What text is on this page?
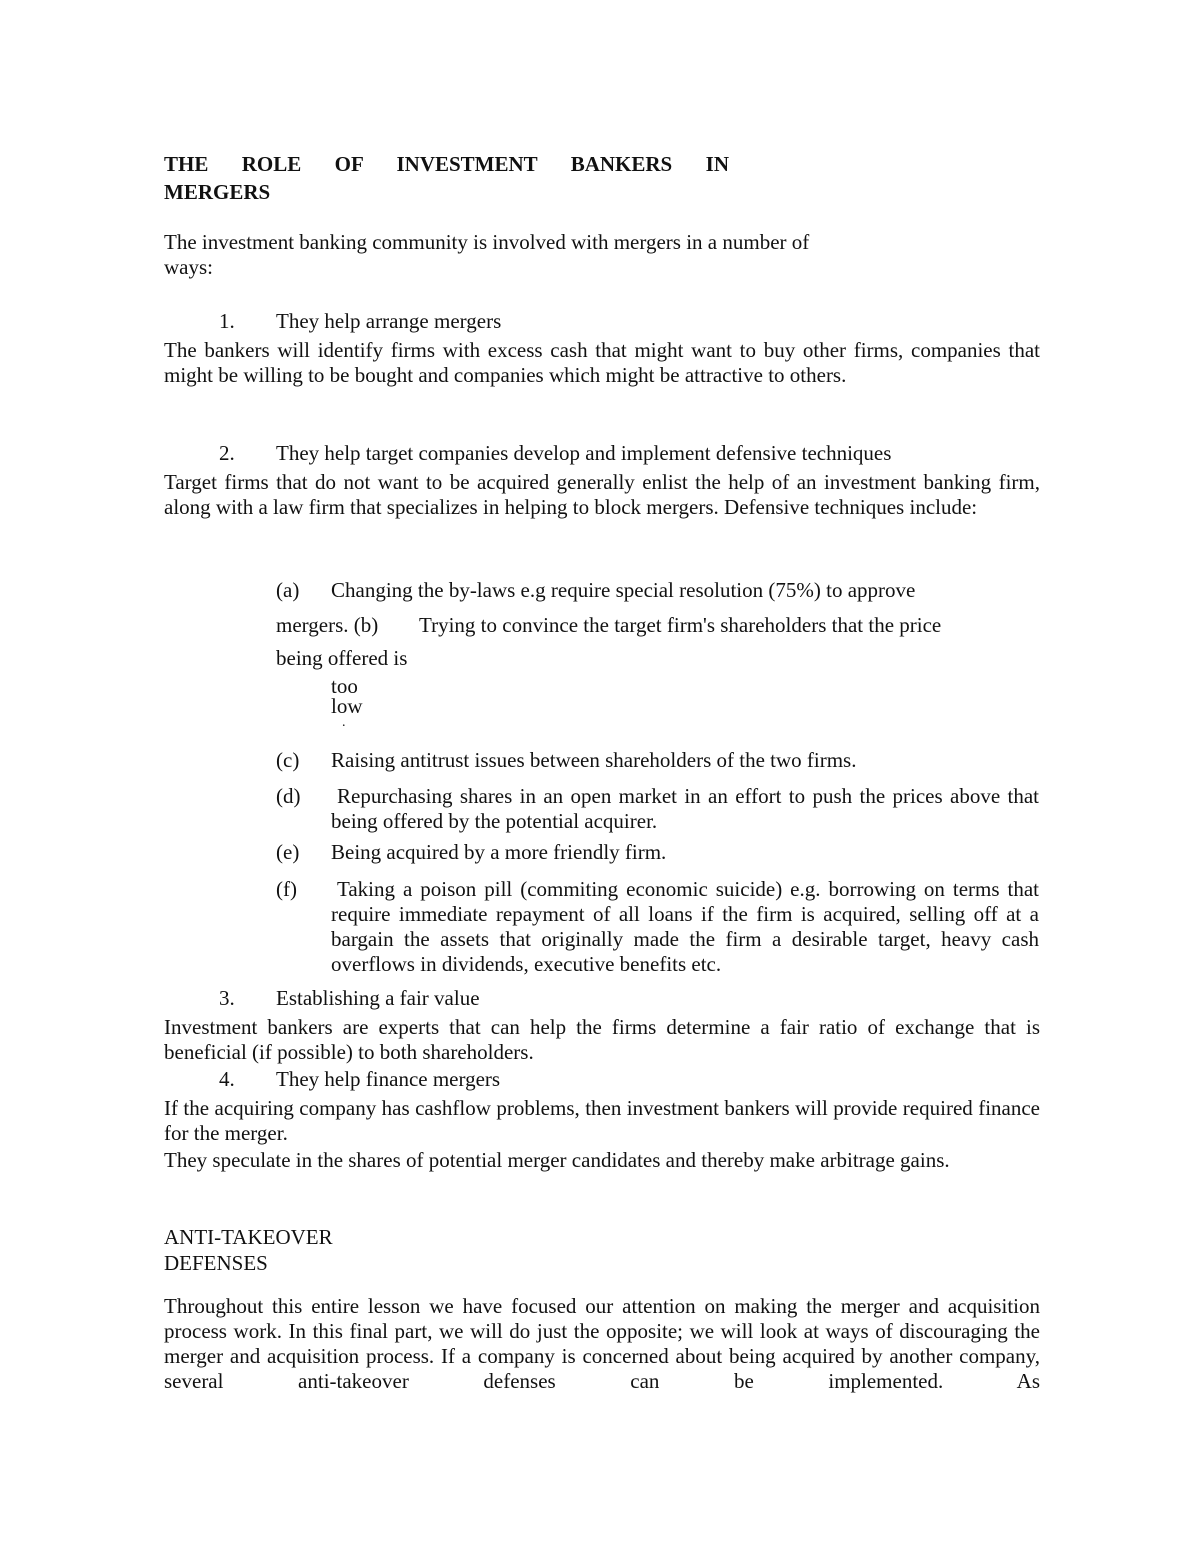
THE ROLE OF INVESTMENT BANKERS IN
MERGERS
The investment banking community is involved with mergers in a number of
ways:
1. They help arrange mergers
The bankers will identify firms with excess cash that might want to buy other firms, companies that might be willing to be bought and companies which might be attractive to others.
2. They help target companies develop and implement defensive techniques
Target firms that do not want to be acquired generally enlist the help of an investment banking firm, along with a law firm that specializes in helping to block mergers. Defensive techniques include:
(a) Changing the by-laws e.g require special resolution (75%) to approve
mergers. (b) Trying to convince the target firm's shareholders that the price
being offered is
too
low
.
(c) Raising antitrust issues between shareholders of the two firms.
(d) Repurchasing shares in an open market in an effort to push the prices above that being offered by the potential acquirer.
(e) Being acquired by a more friendly firm.
(f) Taking a poison pill (commiting economic suicide) e.g. borrowing on terms that require immediate repayment of all loans if the firm is acquired, selling off at a bargain the assets that originally made the firm a desirable target, heavy cash overflows in dividends, executive benefits etc.
3. Establishing a fair value
Investment bankers are experts that can help the firms determine a fair ratio of exchange that is beneficial (if possible) to both shareholders.
4. They help finance mergers
If the acquiring company has cashflow problems, then investment bankers will provide required finance for the merger.
They speculate in the shares of potential merger candidates and thereby make arbitrage gains.
ANTI-TAKEOVER
DEFENSES
Throughout this entire lesson we have focused our attention on making the merger and acquisition process work. In this final part, we will do just the opposite; we will look at ways of discouraging the merger and acquisition process. If a company is concerned about being acquired by another company, several anti-takeover defenses can be implemented. As
